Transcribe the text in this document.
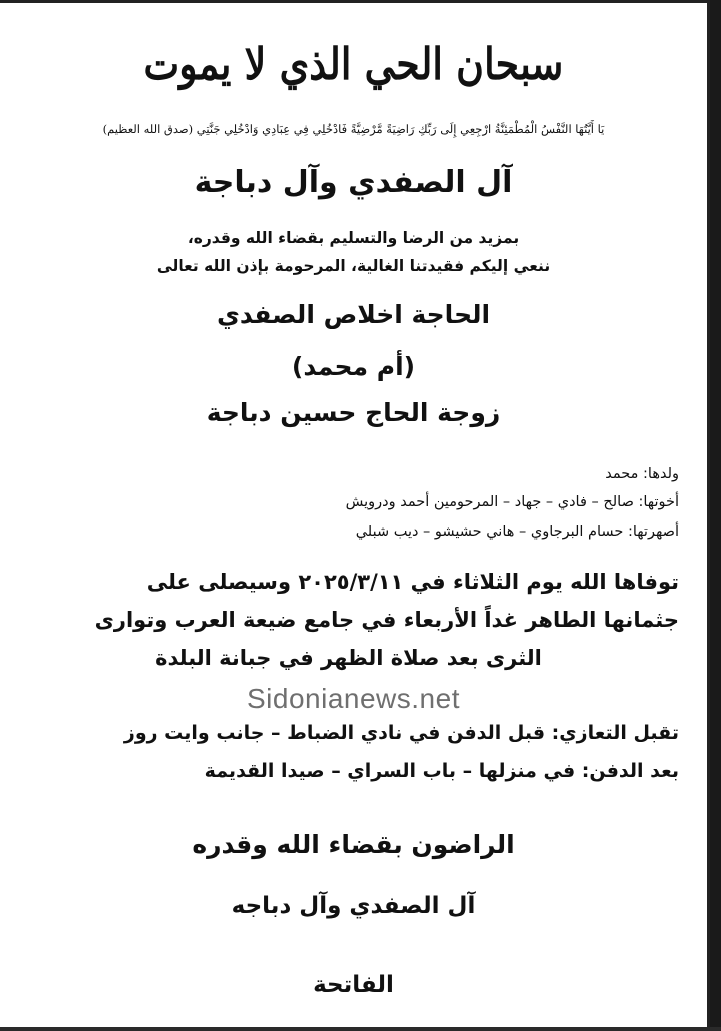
سبحان الحي الذي لا يموت
يَا أَيَّتُهَا النَّفْسُ الْمُطْمَئِنَّةُ ارْجِعِي إِلَى رَبِّكِ رَاضِيَةً مَّرْضِيَّةً فَادْخُلِي فِي عِبَادِي وَادْخُلِي جَنَّتِي (صدق الله العظيم)
آل الصفدي وآل دباجة
بمزيد من الرضا والتسليم بقضاء الله وقدره،
ننعي إليكم فقيدتنا الغالية، المرحومة بإذن الله تعالى
الحاجة اخلاص الصفدي
(أم محمد)
زوجة الحاج حسين دباجة
ولدها: محمد
أخوتها: صالح – فادي – جهاد – المرحومين أحمد ودرويش
أصهرتها: حسام البرجاوي – هاني حشيشو – ديب شبلي
توفاها الله يوم الثلاثاء في ٢٠٢٥/٣/١١ وسيصلى على
جثمانها الطاهر غداً الأربعاء في جامع ضيعة العرب وتوارى
الثرى بعد صلاة الظهر في جبانة البلدة
Sidonianews.net
تقبل التعازي: قبل الدفن في نادي الضباط – جانب وايت روز
بعد الدفن: في منزلها – باب السراي – صيدا القديمة
الراضون بقضاء الله وقدره
آل الصفدي وآل دباجه
الفاتحة
